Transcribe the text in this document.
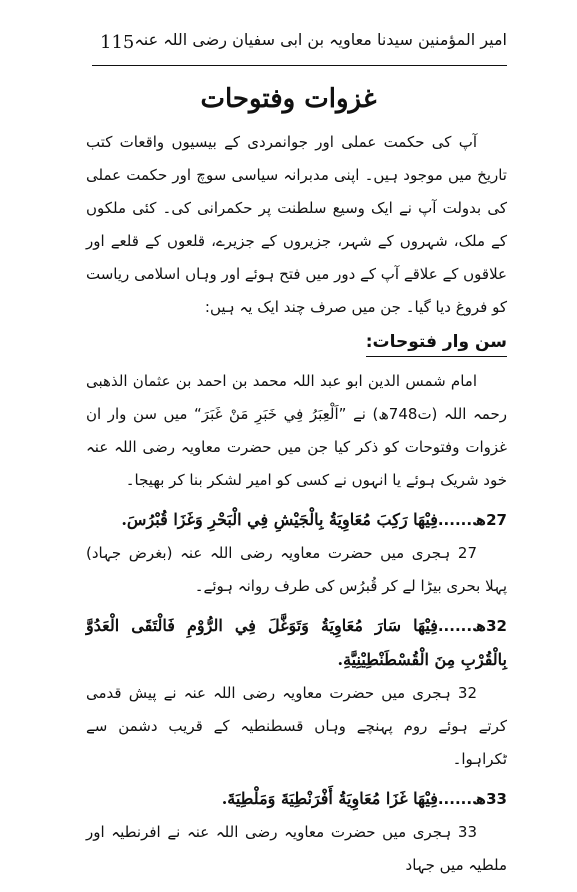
115 امیر المؤمنین سیدنا معاویہ بن ابی سفیان رضی اللہ عنہ
غزوات وفتوحات

آپ کی حکمت عملی اور جوانمردی کے بیسیوں واقعات کتب تاریخ میں موجود ہیں۔ اپنی مدبرانہ سیاسی سوچ اور حکمت عملی کی بدولت آپ نے ایک وسیع سلطنت پر حکمرانی کی۔ کئی ملکوں کے ملک، شہروں کے شہر، جزیروں کے جزیرے، قلعوں کے قلعے اور علاقوں کے علاقے آپ کے دور میں فتح ہوئے اور وہاں اسلامی ریاست کو فروغ دیا گیا۔ جن میں صرف چند ایک یہ ہیں:

سن وار فتوحات:

امام شمس الدین ابو عبد اللہ محمد بن احمد بن عثمان الذھبی رحمہ اللہ (ت748ھ) نے ”اَلْعِبَرُ فِي خَبَرِ مَنْ غَبَرَ“ میں سن وار ان غزوات وفتوحات کو ذکر کیا جن میں حضرت معاویہ رضی اللہ عنہ خود شریک ہوئے یا انہوں نے کسی کو امیر لشکر بنا کر بھیجا۔

27ھ......فِيْهَا رَكِبَ مُعَاوِيَةُ بِالْجَيْشِ فِي الْبَحْرِ وَغَزَا قُبْرُسَ.

27 ہجری میں حضرت معاویہ رضی اللہ عنہ (بغرض جہاد) پہلا بحری بیڑا لے کر قُبرُس کی طرف روانہ ہوئے۔

32ھ......فِيْهَا سَارَ مُعَاوِيَةُ وَتَوَغَّلَ فِي الرُّوْمِ فَالْتَقَى الْعَدُوَّ بِالْقُرْبِ مِنَ الْقُسْطَنْطِيْنِيَّةِ.

32 ہجری میں حضرت معاویہ رضی اللہ عنہ نے پیش قدمی کرتے ہوئے روم پہنچے وہاں قسطنطیہ کے قریب دشمن سے ٹکراہوا۔

33ھ......فِيْهَا غَزَا مُعَاوِيَةُ أَفْرَنْطِيَةَ وَمَلْطِيَةَ.

33 ہجری میں حضرت معاویہ رضی اللہ عنہ نے افرنطیہ اور ملطیہ میں جہاد
